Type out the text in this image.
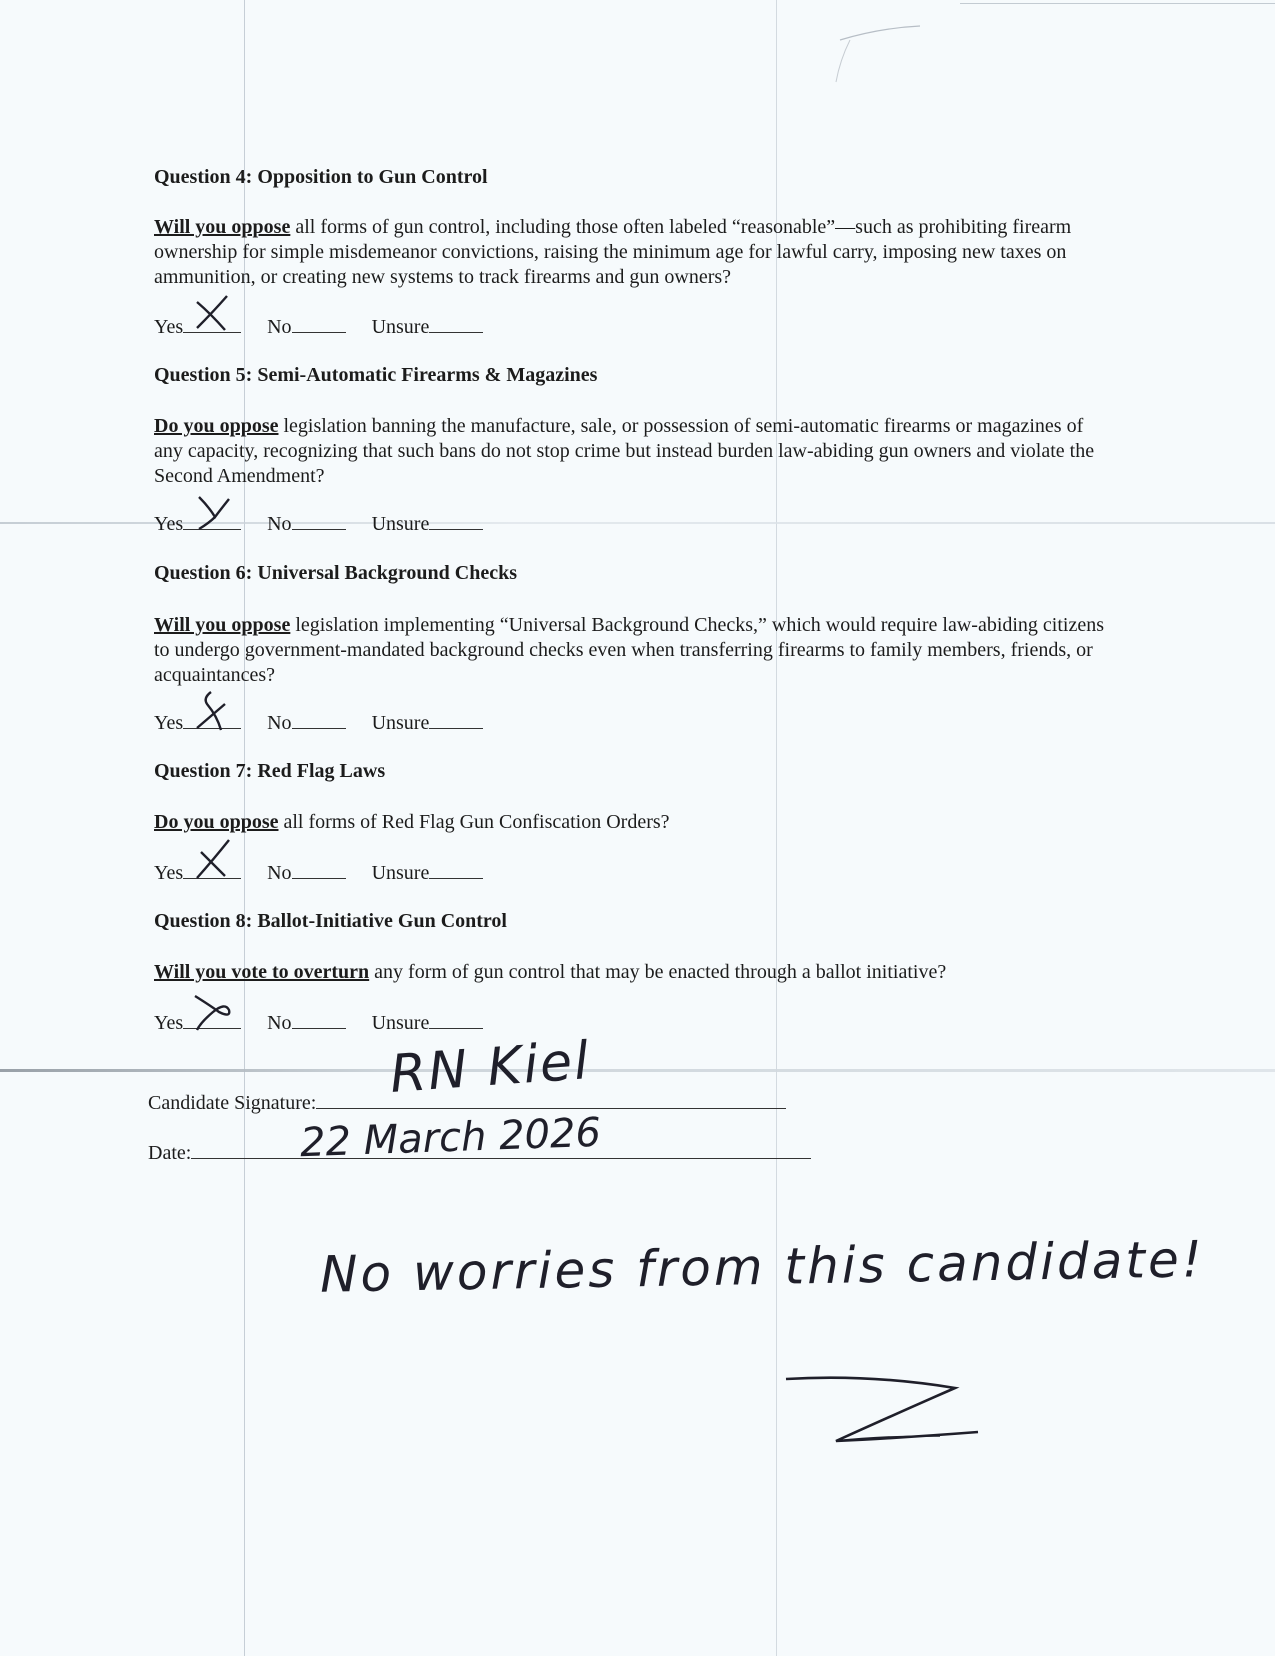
Question 4: Opposition to Gun Control

Will you oppose all forms of gun control, including those often labeled “reasonable”—such as prohibiting firearm ownership for simple misdemeanor convictions, raising the minimum age for lawful carry, imposing new taxes on ammunition, or creating new systems to track firearms and gun owners?

Yes	No	Unsure

Question 5: Semi-Automatic Firearms & Magazines

Do you oppose legislation banning the manufacture, sale, or possession of semi-automatic firearms or magazines of any capacity, recognizing that such bans do not stop crime but instead burden law-abiding gun owners and violate the Second Amendment?

Yes	No	Unsure

Question 6: Universal Background Checks

Will you oppose legislation implementing “Universal Background Checks,” which would require law-abiding citizens to undergo government-mandated background checks even when transferring firearms to family members, friends, or acquaintances?

Yes	No	Unsure

Question 7: Red Flag Laws

Do you oppose all forms of Red Flag Gun Confiscation Orders?

Yes	No	Unsure

Question 8: Ballot-Initiative Gun Control

Will you vote to overturn any form of gun control that may be enacted through a ballot initiative?

Yes	No	Unsure
Candidate Signature:	RN Kiel
Date:	22 March 2026
No worries from this candidate!
